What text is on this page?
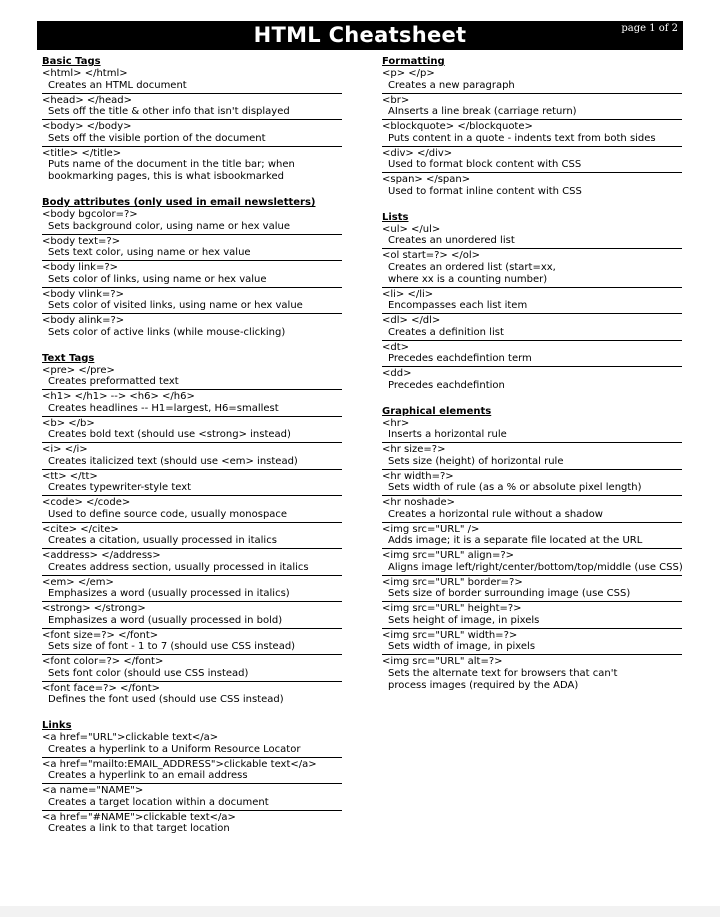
HTML Cheatsheet	page 1 of 2
Basic Tags
<html> </html>
Creates an HTML document
<head> </head>
Sets off the title & other info that isn't displayed
<body> </body>
Sets off the visible portion of the document
<title> </title>
Puts name of the document in the title bar; when
bookmarking pages, this is what isbookmarked
Body attributes (only used in email newsletters)
<body bgcolor=?>
Sets background color, using name or hex value
<body text=?>
Sets text color, using name or hex value
<body link=?>
Sets color of links, using name or hex value
<body vlink=?>
Sets color of visited links, using name or hex value
<body alink=?>
Sets color of active links (while mouse-clicking)
Text Tags
<pre> </pre>
Creates preformatted text
<h1> </h1> --> <h6> </h6>
Creates headlines -- H1=largest, H6=smallest
<b> </b>
Creates bold text (should use <strong> instead)
<i> </i>
Creates italicized text (should use <em> instead)
<tt> </tt>
Creates typewriter-style text
<code> </code>
Used to define source code, usually monospace
<cite> </cite>
Creates a citation, usually processed in italics
<address> </address>
Creates address section, usually processed in italics
<em> </em>
Emphasizes a word (usually processed in italics)
<strong> </strong>
Emphasizes a word (usually processed in bold)
<font size=?> </font>
Sets size of font - 1 to 7 (should use CSS instead)
<font color=?> </font>
Sets font color (should use CSS instead)
<font face=?> </font>
Defines the font used (should use CSS instead)
Links
<a href="URL">clickable text</a>
Creates a hyperlink to a Uniform Resource Locator
<a href="mailto:EMAIL_ADDRESS">clickable text</a>
Creates a hyperlink to an email address
<a name="NAME">
Creates a target location within a document
<a href="#NAME">clickable text</a>
Creates a link to that target location
Formatting
<p> </p>
Creates a new paragraph
<br>
AInserts a line break (carriage return)
<blockquote> </blockquote>
Puts content in a quote - indents text from both sides
<div> </div>
Used to format block content with CSS
<span> </span>
Used to format inline content with CSS
Lists
<ul> </ul>
Creates an unordered list
<ol start=?> </ol>
Creates an ordered list (start=xx,
where xx is a counting number)
<li> </li>
Encompasses each list item
<dl> </dl>
Creates a definition list
<dt>
Precedes eachdefintion term
<dd>
Precedes eachdefintion
Graphical elements
<hr>
Inserts a horizontal rule
<hr size=?>
Sets size (height) of horizontal rule
<hr width=?>
Sets width of rule (as a % or absolute pixel length)
<hr noshade>
Creates a horizontal rule without a shadow
<img src="URL" />
Adds image; it is a separate file located at the URL
<img src="URL" align=?>
Aligns image left/right/center/bottom/top/middle (use CSS)
<img src="URL" border=?>
Sets size of border surrounding image (use CSS)
<img src="URL" height=?>
Sets height of image, in pixels
<img src="URL" width=?>
Sets width of image, in pixels
<img src="URL" alt=?>
Sets the alternate text for browsers that can't
process images (required by the ADA)
